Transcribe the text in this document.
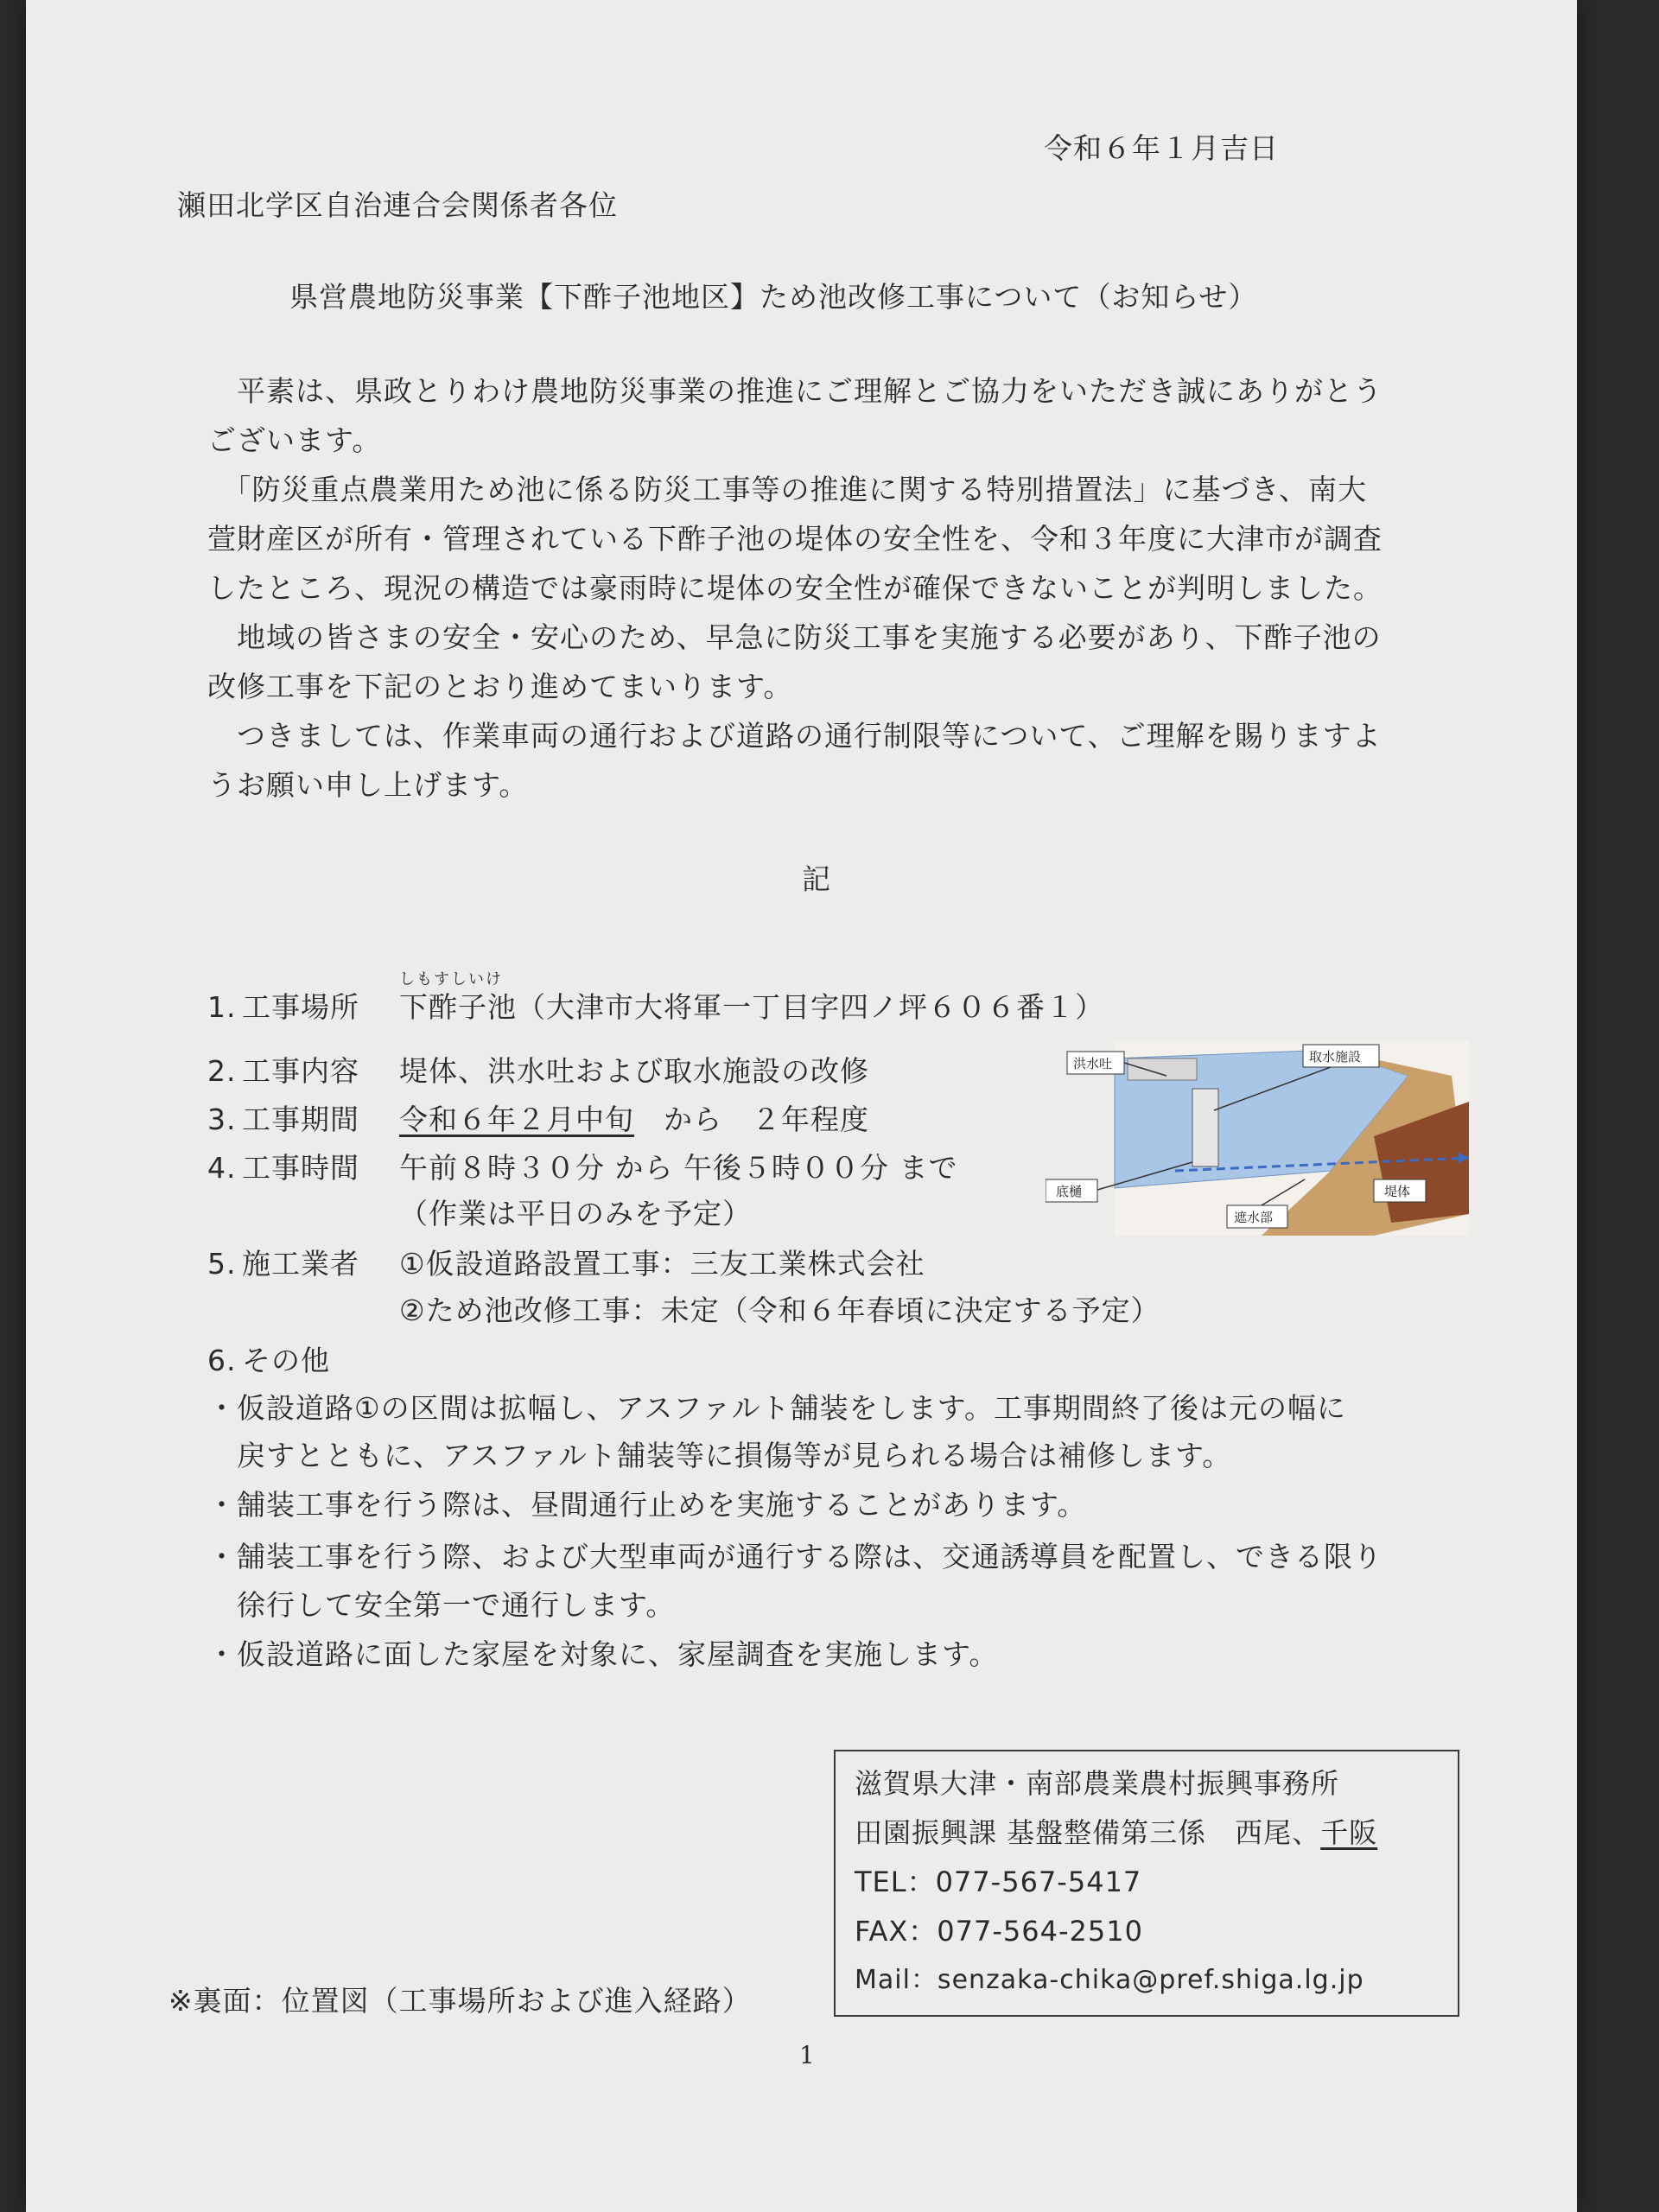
令和６年１月吉日
瀬田北学区自治連合会関係者各位
県営農地防災事業【下酢子池地区】ため池改修工事について（お知らせ）
　平素は、県政とりわけ農地防災事業の推進にご理解とご協力をいただき誠にありがとう
ございます。
　「防災重点農業用ため池に係る防災工事等の推進に関する特別措置法」に基づき、南大
萱財産区が所有・管理されている下酢子池の堤体の安全性を、令和３年度に大津市が調査
したところ、現況の構造では豪雨時に堤体の安全性が確保できないことが判明しました。
　地域の皆さまの安全・安心のため、早急に防災工事を実施する必要があり、下酢子池の
改修工事を下記のとおり進めてまいります。
　つきましては、作業車両の通行および道路の通行制限等について、ご理解を賜りますよ
うお願い申し上げます。
記
1. 工事場所
しもすしいけ
下酢子池（大津市大将軍一丁目字四ノ坪６０６番１）
2. 工事内容 堤体、洪水吐および取水施設の改修
3. 工事期間 令和６年２月中旬　から　２年程度
4. 工事時間 午前８時３０分 から 午後５時００分 まで
（作業は平日のみを予定）
5. 施工業者 ①仮設道路設置工事：三友工業株式会社
②ため池改修工事：未定（令和６年春頃に決定する予定）
6. その他
・仮設道路①の区間は拡幅し、アスファルト舗装をします。工事期間終了後は元の幅に
　戻すとともに、アスファルト舗装等に損傷等が見られる場合は補修します。
・舗装工事を行う際は、昼間通行止めを実施することがあります。
・舗装工事を行う際、および大型車両が通行する際は、交通誘導員を配置し、できる限り
　徐行して安全第一で通行します。
・仮設道路に面した家屋を対象に、家屋調査を実施します。
洪水吐	取水施設
底樋
遮水部
堤体
滋賀県大津・南部農業農村振興事務所
田園振興課 基盤整備第三係　西尾、千阪
TEL：077-567-5417
FAX：077-564-2510
Mail：senzaka-chika@pref.shiga.lg.jp
※裏面：位置図（工事場所および進入経路）
1
